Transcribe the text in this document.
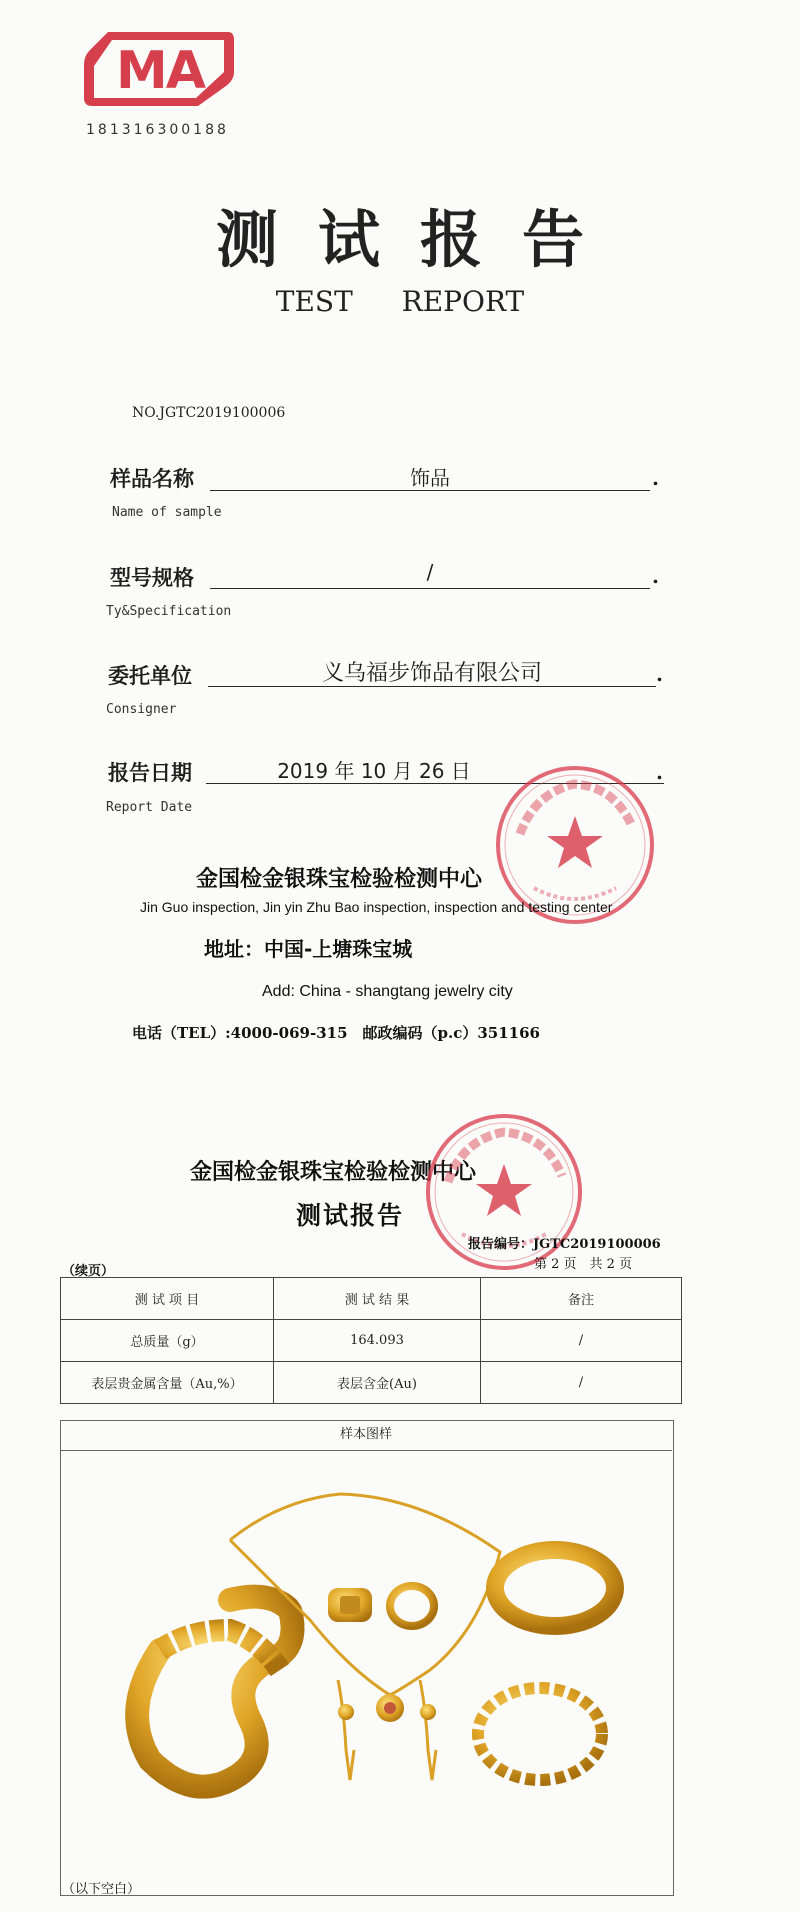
MA
181316300188
测试报告
TEST REPORT
NO.JGTC2019100006
样品名称	饰品	.
Name of sample
型号规格	/	.
Ty&Specification
委托单位	义乌福步饰品有限公司	.
Consigner
报告日期	2019 年 10 月 26 日	.
Report Date
金国检金银珠宝检验检测中心
Jin Guo inspection, Jin yin Zhu Bao inspection, inspection and testing center
地址：中国-上塘珠宝城
Add: China - shangtang jewelry city
电话（TEL）:4000-069-315　邮政编码（p.c）351166
金国检金银珠宝检验检测中心
测试报告
报告编号：JGTC2019100006
第 2 页　共 2 页
（续页）
测 试 项 目	测 试 结 果	备注
总质量（g）	164.093	/
表层贵金属含量（Au,%）	表层含金(Au)	/
样本图样
（以下空白）
